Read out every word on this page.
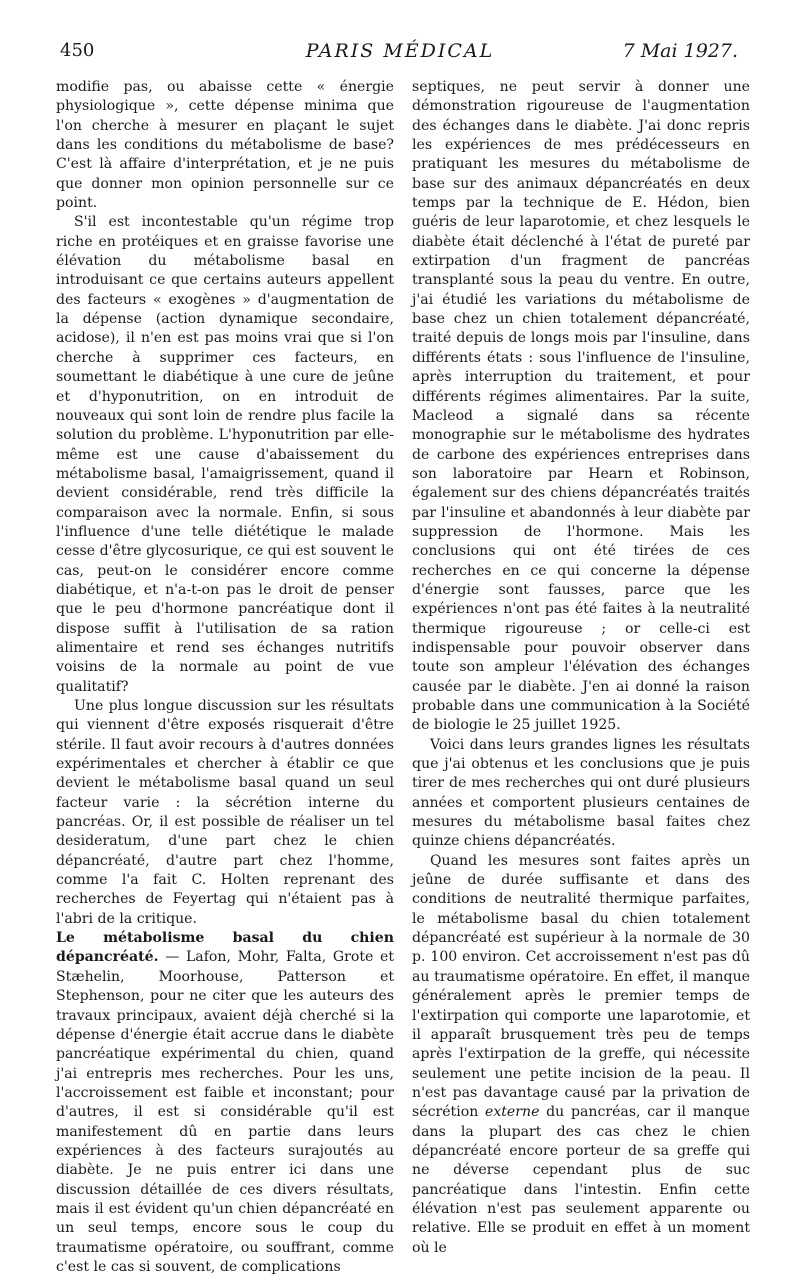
450	PARIS MÉDICAL	7 Mai 1927.

modifie pas, ou abaisse cette « énergie physiologique », cette dépense minima que l'on cherche à mesurer en plaçant le sujet dans les conditions du métabolisme de base? C'est là affaire d'interprétation, et je ne puis que donner mon opinion personnelle sur ce point.

S'il est incontestable qu'un régime trop riche en protéiques et en graisse favorise une élévation du métabolisme basal en introduisant ce que certains auteurs appellent des facteurs « exogènes » d'augmentation de la dépense (action dynamique secondaire, acidose), il n'en est pas moins vrai que si l'on cherche à supprimer ces facteurs, en soumettant le diabétique à une cure de jeûne et d'hyponutrition, on en introduit de nouveaux qui sont loin de rendre plus facile la solution du problème. L'hyponutrition par elle-même est une cause d'abaissement du métabolisme basal, l'amaigrissement, quand il devient considérable, rend très difficile la comparaison avec la normale. Enfin, si sous l'influence d'une telle diététique le malade cesse d'être glycosurique, ce qui est souvent le cas, peut-on le considérer encore comme diabétique, et n'a-t-on pas le droit de penser que le peu d'hormone pancréatique dont il dispose suffit à l'utilisation de sa ration alimentaire et rend ses échanges nutritifs voisins de la normale au point de vue qualitatif?

Une plus longue discussion sur les résultats qui viennent d'être exposés risquerait d'être stérile. Il faut avoir recours à d'autres données expérimentales et chercher à établir ce que devient le métabolisme basal quand un seul facteur varie : la sécrétion interne du pancréas. Or, il est possible de réaliser un tel desideratum, d'une part chez le chien dépancréaté, d'autre part chez l'homme, comme l'a fait C. Holten reprenant des recherches de Feyertag qui n'étaient pas à l'abri de la critique.

Le métabolisme basal du chien dépancréaté. — Lafon, Mohr, Falta, Grote et Stæhelin, Moorhouse, Patterson et Stephenson, pour ne citer que les auteurs des travaux principaux, avaient déjà cherché si la dépense d'énergie était accrue dans le diabète pancréatique expérimental du chien, quand j'ai entrepris mes recherches. Pour les uns, l'accroissement est faible et inconstant; pour d'autres, il est si considérable qu'il est manifestement dû en partie dans leurs expériences à des facteurs surajoutés au diabète. Je ne puis entrer ici dans une discussion détaillée de ces divers résultats, mais il est évident qu'un chien dépancréaté en un seul temps, encore sous le coup du traumatisme opératoire, ou souffrant, comme c'est le cas si souvent, de complications

septiques, ne peut servir à donner une démonstration rigoureuse de l'augmentation des échanges dans le diabète. J'ai donc repris les expériences de mes prédécesseurs en pratiquant les mesures du métabolisme de base sur des animaux dépancréatés en deux temps par la technique de E. Hédon, bien guéris de leur laparotomie, et chez lesquels le diabète était déclenché à l'état de pureté par extirpation d'un fragment de pancréas transplanté sous la peau du ventre. En outre, j'ai étudié les variations du métabolisme de base chez un chien totalement dépancréaté, traité depuis de longs mois par l'insuline, dans différents états : sous l'influence de l'insuline, après interruption du traitement, et pour différents régimes alimentaires. Par la suite, Macleod a signalé dans sa récente monographie sur le métabolisme des hydrates de carbone des expériences entreprises dans son laboratoire par Hearn et Robinson, également sur des chiens dépancréatés traités par l'insuline et abandonnés à leur diabète par suppression de l'hormone. Mais les conclusions qui ont été tirées de ces recherches en ce qui concerne la dépense d'énergie sont fausses, parce que les expériences n'ont pas été faites à la neutralité thermique rigoureuse ; or celle-ci est indispensable pour pouvoir observer dans toute son ampleur l'élévation des échanges causée par le diabète. J'en ai donné la raison probable dans une communication à la Société de biologie le 25 juillet 1925.

Voici dans leurs grandes lignes les résultats que j'ai obtenus et les conclusions que je puis tirer de mes recherches qui ont duré plusieurs années et comportent plusieurs centaines de mesures du métabolisme basal faites chez quinze chiens dépancréatés.

Quand les mesures sont faites après un jeûne de durée suffisante et dans des conditions de neutralité thermique parfaites, le métabolisme basal du chien totalement dépancréaté est supérieur à la normale de 30 p. 100 environ. Cet accroissement n'est pas dû au traumatisme opératoire. En effet, il manque généralement après le premier temps de l'extirpation qui comporte une laparotomie, et il apparaît brusquement très peu de temps après l'extirpation de la greffe, qui nécessite seulement une petite incision de la peau. Il n'est pas davantage causé par la privation de sécrétion externe du pancréas, car il manque dans la plupart des cas chez le chien dépancréaté encore porteur de sa greffe qui ne déverse cependant plus de suc pancréatique dans l'intestin. Enfin cette élévation n'est pas seulement apparente ou relative. Elle se produit en effet à un moment où le
